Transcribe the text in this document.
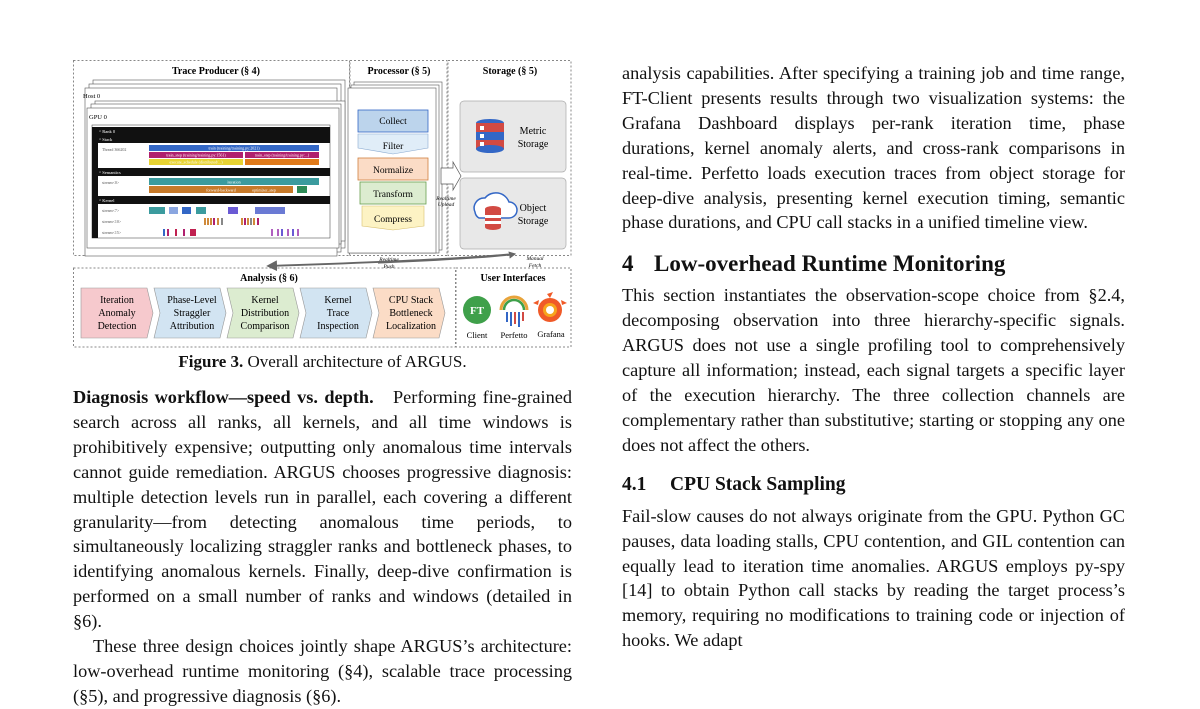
Trace Producer (§ 4)	Processor (§ 5)	Storage (§ 5)
Host 0
GPU 0
^ Rank 0
^ Stack
Thread 366202	train (training/training.py:2021)
train_step (training/training.py:1561)	train_step (training/training.py:...)
execute_schedule (distributed/...)
^ Semantics
stream<0>	iteration
forward-backward	optimizer_step
^ Kernel
stream<7>
stream<10>
stream<15>
Collect
Filter
Normalize
Transform
Compress
Realtime
Upload
Metric
Storage
Object
Storage
Realtime
Push
Manual
Fetch
Analysis (§ 6)
Iteration
Anomaly
Detection
Phase-Level
Straggler
Attribution
Kernel
Distribution
Comparison
Kernel
Trace
Inspection
CPU Stack
Bottleneck
Localization
User Interfaces
FT
Client Perfetto Grafana
Figure 3. Overall architecture of ARGUS.

Diagnosis workflow—speed vs. depth. Performing fine-grained search across all ranks, all kernels, and all time windows is prohibitively expensive; outputting only anomalous time intervals cannot guide remediation. ARGUS chooses progressive diagnosis: multiple detection levels run in parallel, each covering a different granularity—from detecting anomalous time periods, to simultaneously localizing straggler ranks and bottleneck phases, to identifying anomalous kernels. Finally, deep-dive confirmation is performed on a small number of ranks and windows (detailed in §6).

These three design choices jointly shape ARGUS’s architecture: low-overhead runtime monitoring (§4), scalable trace processing (§5), and progressive diagnosis (§6).

analysis capabilities. After specifying a training job and time range, FT-Client presents results through two visualization systems: the Grafana Dashboard displays per-rank iteration time, phase durations, kernel anomaly alerts, and cross-rank comparisons in real-time. Perfetto loads execution traces from object storage for deep-dive analysis, presenting kernel execution timing, semantic phase durations, and CPU call stacks in a unified timeline view.

4 Low-overhead Runtime Monitoring

This section instantiates the observation-scope choice from §2.4, decomposing observation into three hierarchy-specific signals. ARGUS does not use a single profiling tool to comprehensively capture all information; instead, each signal targets a specific layer of the execution hierarchy. The three collection channels are complementary rather than substitutive; starting or stopping any one does not affect the others.

4.1 CPU Stack Sampling

Fail-slow causes do not always originate from the GPU. Python GC pauses, data loading stalls, CPU contention, and GIL contention can equally lead to iteration time anomalies. ARGUS employs py-spy [14] to obtain Python call stacks by reading the target process’s memory, requiring no modifications to training code or injection of hooks. We adapt
